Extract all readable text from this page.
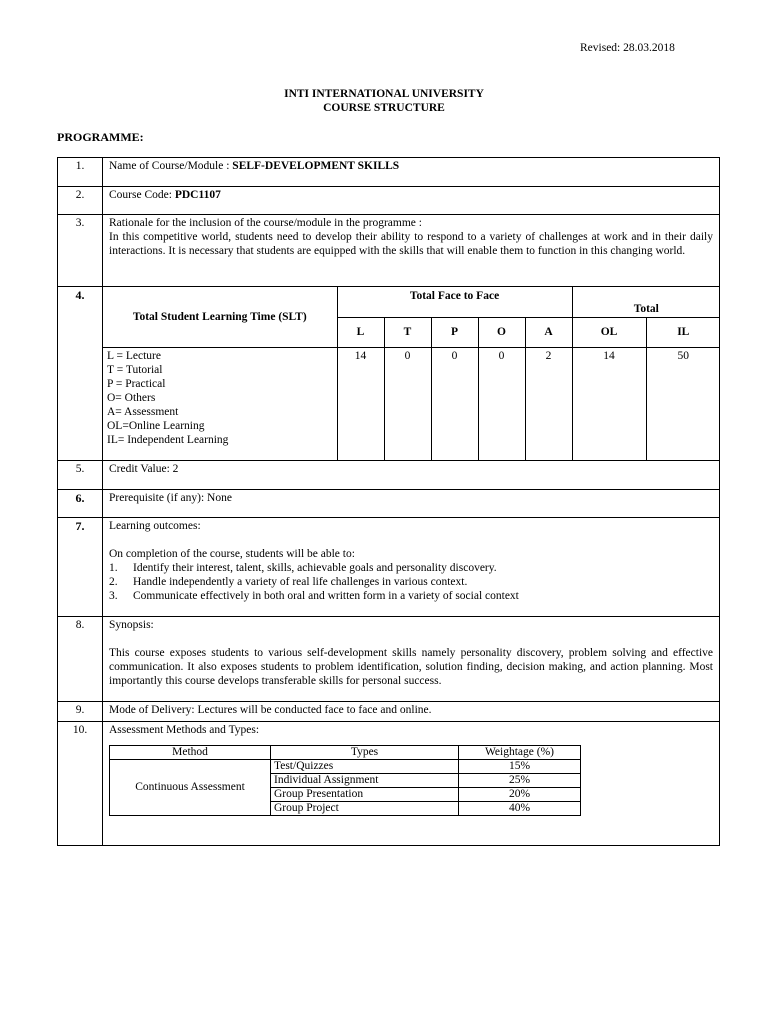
Revised: 28.03.2018
INTI INTERNATIONAL UNIVERSITY
COURSE STRUCTURE
PROGRAMME:
1.	Name of Course/Module : SELF-DEVELOPMENT SKILLS
2.	Course Code: PDC1107
3.	Rationale for the inclusion of the course/module in the programme :
In this competitive world, students need to develop their ability to respond to a variety of challenges at work and in their daily interactions. It is necessary that students are equipped with the skills that will enable them to function in this changing world.

4.	
Total Student Learning Time (SLT)	Total Face to Face	Total
L	T	P	O	A	OL	IL

L = Lecture
T = Tutorial
P = Practical
O= Others
A= Assessment
OL=Online Learning
IL= Independent Learning
	14	0	0	0	2	14	50

5.	Credit Value: 2
6.	Prerequisite (if any): None
7.	Learning outcomes:
On completion of the course, students will be able to:
1. Identify their interest, talent, skills, achievable goals and personality discovery.
2. Handle independently a variety of real life challenges in various context.
3. Communicate effectively in both oral and written form in a variety of social context

8.	Synopsis:
This course exposes students to various self-development skills namely personality discovery, problem solving and effective communication. It also exposes students to problem identification, solution finding, decision making, and action planning. Most importantly this course develops transferable skills for personal success.

9.	Mode of Delivery: Lectures will be conducted face to face and online.
10.	Assessment Methods and Types:
Method	Types	Weightage (%)
Continuous Assessment	Test/Quizzes	15%
Individual Assignment	25%
Group Presentation	20%
Group Project	40%
